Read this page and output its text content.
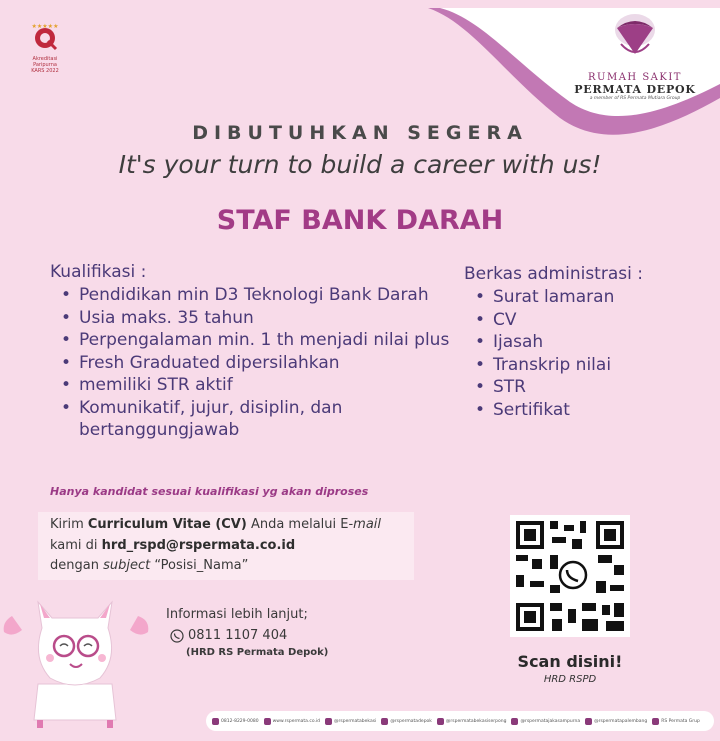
★★★★★
Akreditasi Paripurna
KARS 2022
RUMAH SAKIT
PERMATA DEPOK
a member of RS Permata Mutiara Group
DIBUTUHKAN SEGERA
It's your turn to build a career with us!
STAF BANK DARAH
Kualifikasi :
• Pendidikan min D3 Teknologi Bank Darah
• Usia maks. 35 tahun
• Perpengalaman min. 1 th menjadi nilai plus
• Fresh Graduated dipersilahkan
• memiliki STR aktif
• Komunikatif, jujur, disiplin, dan bertanggungjawab
Berkas administrasi :
• Surat lamaran
• CV
• Ijasah
• Transkrip nilai
• STR
• Sertifikat
Hanya kandidat sesuai kualifikasi yg akan diproses
Kirim Curriculum Vitae (CV) Anda melalui E-mail
kami di hrd_rspd@rspermata.co.id
dengan subject “Posisi_Nama”
Informasi lebih lanjut;
0811 1107 404
(HRD RS Permata Depok)	Scan disini!
HRD RSPD
0812-8229-0080	www.rspermata.co.id	@rspermatabekasi	@rspermatadepok	@rspermatabekasiserpong	@rspermatajakasampurna	@rspermatapalembang	RS Permata Grup
